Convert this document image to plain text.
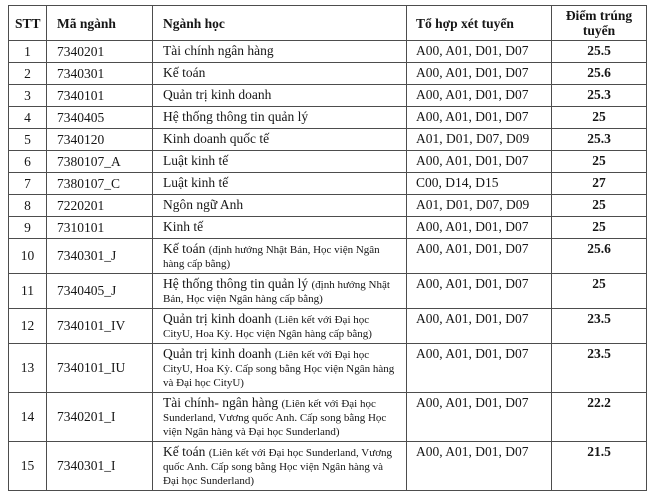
STT	Mã ngành	Ngành học	Tổ hợp xét tuyển	Điểm trúng tuyển
1	7340201	Tài chính ngân hàng	A00, A01, D01, D07	25.5
2	7340301	Kế toán	A00, A01, D01, D07	25.6
3	7340101	Quản trị kinh doanh	A00, A01, D01, D07	25.3
4	7340405	Hệ thống thông tin quản lý	A00, A01, D01, D07	25
5	7340120	Kinh doanh quốc tế	A01, D01, D07, D09	25.3
6	7380107_A	Luật kinh tế	A00, A01, D01, D07	25
7	7380107_C	Luật kinh tế	C00, D14, D15	27
8	7220201	Ngôn ngữ Anh	A01, D01, D07, D09	25
9	7310101	Kinh tế	A00, A01, D01, D07	25
10	7340301_J	Kế toán (định hướng Nhật Bản, Học viện Ngân hàng cấp bằng)	A00, A01, D01, D07	25.6
11	7340405_J	Hệ thống thông tin quản lý (định hướng Nhật Bản, Học viện Ngân hàng cấp bằng)	A00, A01, D01, D07	25
12	7340101_IV	Quản trị kinh doanh (Liên kết với Đại học CityU, Hoa Kỳ. Học viện Ngân hàng cấp bằng)	A00, A01, D01, D07	23.5
13	7340101_IU	Quản trị kinh doanh (Liên kết với Đại học CityU, Hoa Kỳ. Cấp song bằng Học viện Ngân hàng và Đại học CityU)	A00, A01, D01, D07	23.5
14	7340201_I	Tài chính- ngân hàng (Liên kết với Đại học Sunderland, Vương quốc Anh. Cấp song bằng Học viện Ngân hàng và Đại học Sunderland)	A00, A01, D01, D07	22.2
15	7340301_I	Kế toán (Liên kết với Đại học Sunderland, Vương quốc Anh. Cấp song bằng Học viện Ngân hàng và Đại học Sunderland)	A00, A01, D01, D07	21.5
